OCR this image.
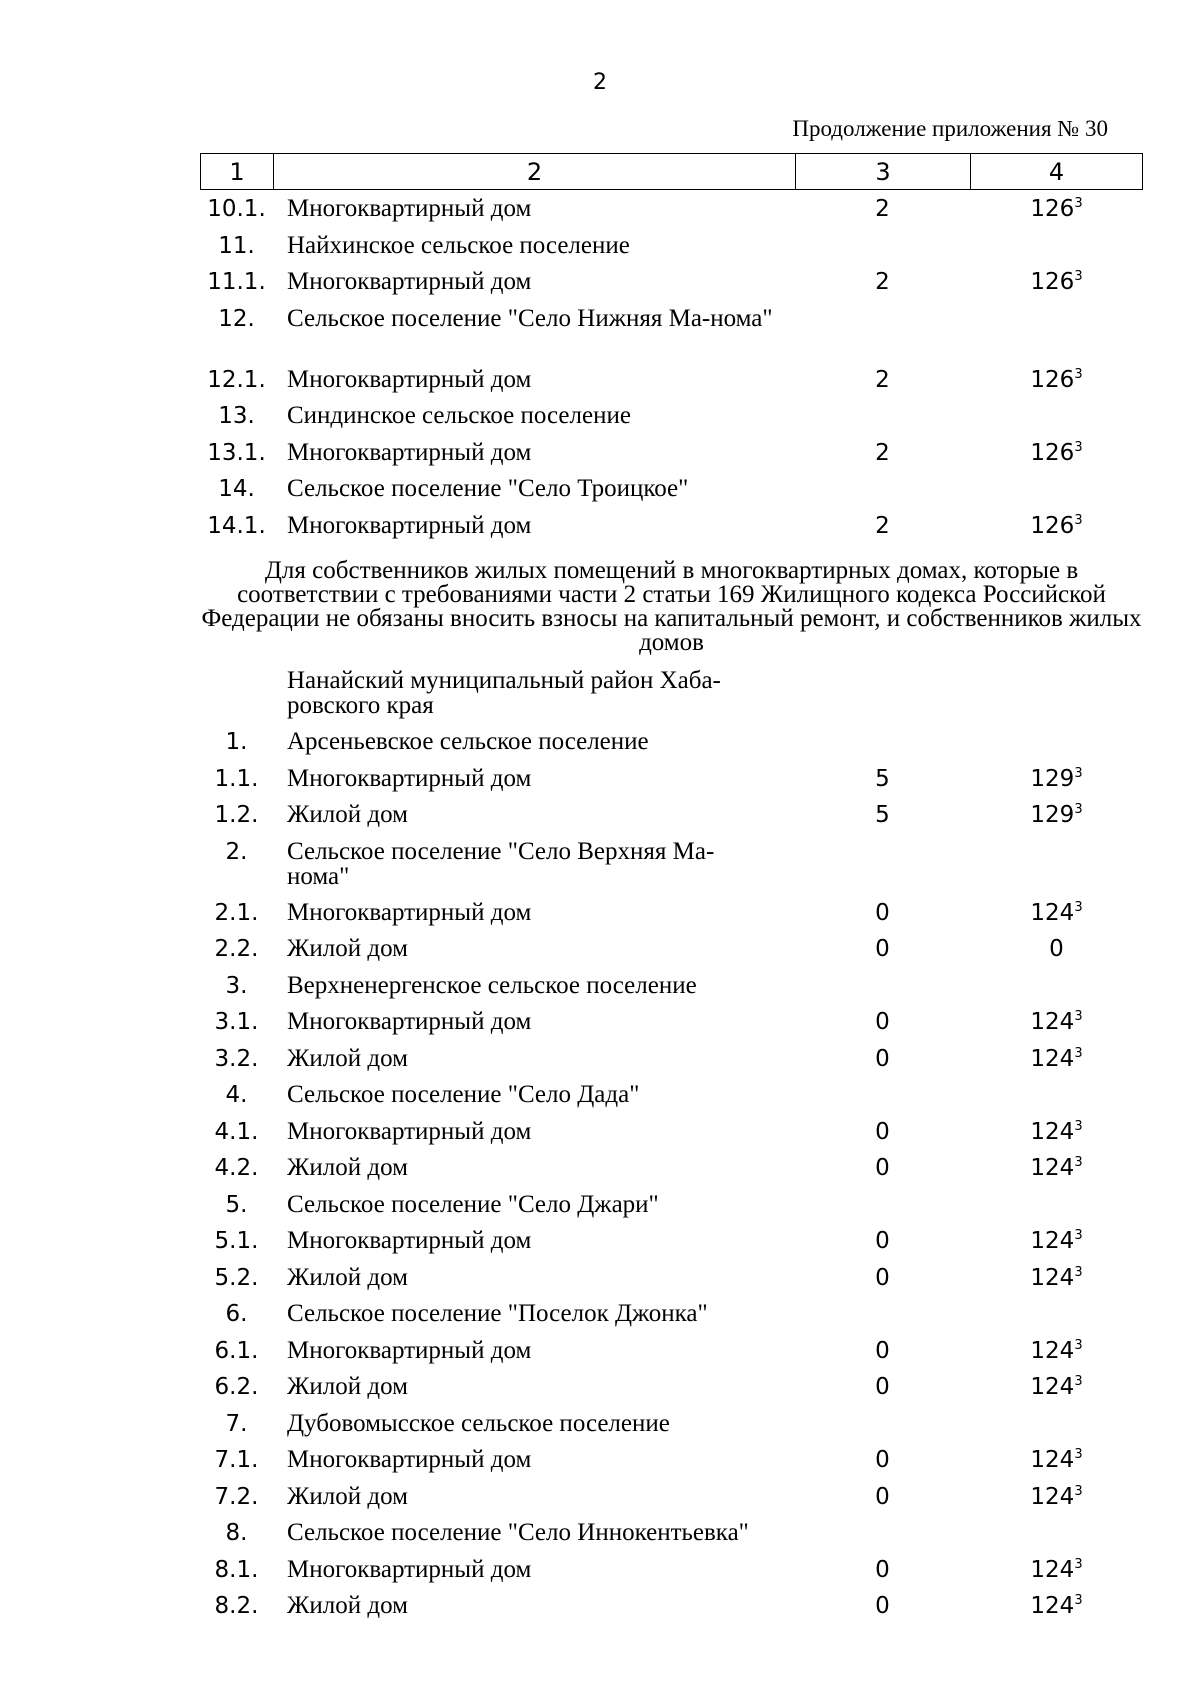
2
Продолжение приложения № 30
1	2	3	4
10.1. Многоквартирный дом	2	$126^3$
11.	Найхинское сельское поселение
11.1. Многоквартирный дом	2	$126^3$
12.	Сельское поселение "Село Нижняя Ма-нома"
12.1. Многоквартирный дом	2	$126^3$
13.	Синдинское сельское поселение
13.1. Многоквартирный дом	2	$126^3$
14.	Сельское поселение "Село Троицкое"
14.1. Многоквартирный дом	2	$126^3$
Для собственников жилых помещений в многоквартирных домах, которые в соответствии с требованиями части 2 статьи 169 Жилищного кодекса Российской Федерации не обязаны вносить взносы на капитальный ремонт, и собственников жилых домов
Нанайский муниципальный район Хаба-ровского края
1.	Арсеньевское сельское поселение
1.1.	Многоквартирный дом	5	$129^3$
1.2.	Жилой дом	5	$129^3$
2.	Сельское поселение "Село Верхняя Ма-нома"
2.1.	Многоквартирный дом	0	$124^3$
2.2.	Жилой дом	0	0
3.	Верхненергенское сельское поселение
3.1.	Многоквартирный дом	0	$124^3$
3.2.	Жилой дом	0	$124^3$
4.	Сельское поселение "Село Дада"
4.1.	Многоквартирный дом	0	$124^3$
4.2.	Жилой дом	0	$124^3$
5.	Сельское поселение "Село Джари"
5.1.	Многоквартирный дом	0	$124^3$
5.2.	Жилой дом	0	$124^3$
6.	Сельское поселение "Поселок Джонка"
6.1.	Многоквартирный дом	0	$124^3$
6.2.	Жилой дом	0	$124^3$
7.	Дубовомысское сельское поселение
7.1.	Многоквартирный дом	0	$124^3$
7.2.	Жилой дом	0	$124^3$
8.	Сельское поселение "Село Иннокентьевка"
8.1.	Многоквартирный дом	0	$124^3$
8.2.	Жилой дом	0	$124^3$
